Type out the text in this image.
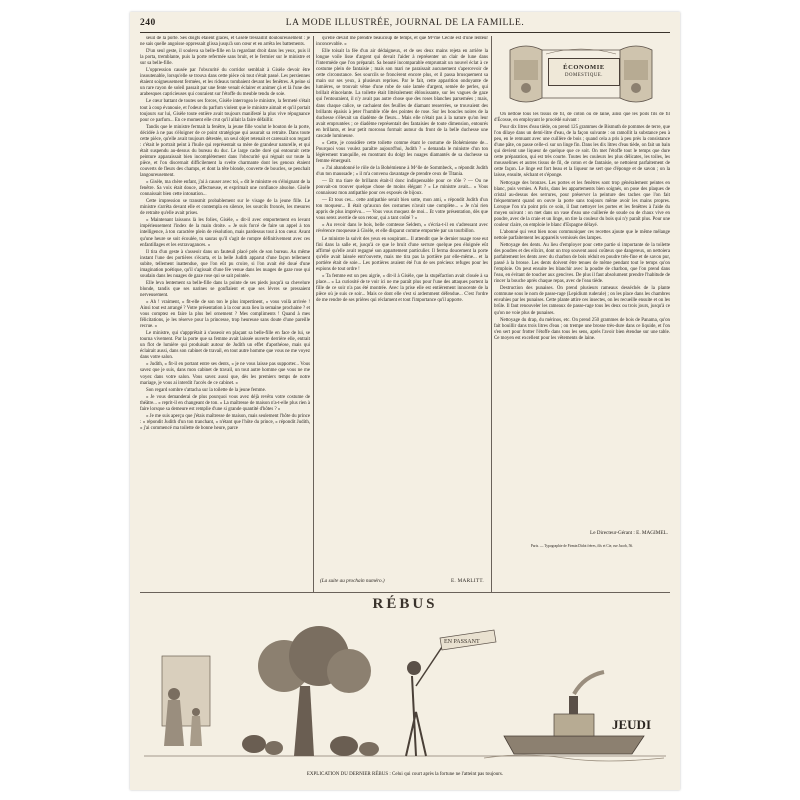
240	LA MODE ILLUSTRÉE, JOURNAL DE LA FAMILLE.

seuil de la porte. Ses doigts étaient glacés, et Gisèle tressaillit douloureusement : je ne sais quelle angoisse oppressait glissa jusqu'à son cœur et en arrêta les battements.

D'un seul geste, il souleva sa belle-fille en la regardant droit dans les yeux, puis il la porta, tremblante, puis la porte refermée sans bruit, et le fermier sur le ministre et sur sa belle-fille.

L'oppression causée par l'obscurité du corridor semblait à Gisèle devoir être insoutenable, lorsqu'elle se trouva dans cette pièce où tout s'était passé. Les persiennes étaient soigneusement fermées, et les rideaux tombaient devant les fenêtres. A peine si un rare rayon de soleil passait par une fente venait éclairer et animer çà et là l'une des arabesques capricieuses qui couraient sur l'étoffe du meuble tendu de soie.

Le cœur battant de toutes ses forces, Gisèle interrogea le ministre, la fermeté s'était tout à coup évanouie, et l'odeur du parfum violent que le ministre aimait et qu'il portait toujours sur lui, Gisèle toute entière avait toujours manifesté la plus vive répugnance pour ce parfum... En ce moment elle crut qu'il allait la faire défaillir.

Tandis que le ministre fermait la fenêtre, la jeune fille voulut le bouton de la porte, décidée à ne pas s'éloigner de ce point stratégique qui assurait sa retraite. Dans toute cette pièce, qu'elle avait toujours détestée, un seul objet retenait et caressait son regard : c'était le portrait peint à l'huile qui représentait sa mère de grandeur naturelle, et qui était suspendu au-dessus du bureau du duc. Le large cadre doré qui entourait cette peinture apparaissait bien incomplètement dans l'obscurité qui régnait sur toute la pièce, et l'on discernait difficilement la svelte charmante dont les genoux étaient couverts de fleurs des champs, et dont la tête blonde, couverte de boucles, se penchait langoureusement.

« Gisèle, ma chère enfant, j'ai à causer avec toi, » dit le ministre en s'éloignant de la fenêtre. Sa voix était douce, affectueuse, et exprimait une confiance absolue. Gisèle connaissait bien cette intonation...

Cette impression se transmit probablement sur le visage de la jeune fille. Le ministre s'arrêta devant elle et contempla en silence, les sourcils froncés, les mesures de retraite qu'elle avait prises.

« Maintenant laissons là les folies, Gisèle, » dit-il avec emportement en levant impérieusement l'index de la main droite. « Je suis forcé de faire un appel à ton intelligence, à ton caractère plein de résolution, mais pardessus tout à ton cœur. Avant qu'une heure se soit écoulée, tu sauras qu'il s'agit de rompre définitivement avec ces enfantillages et les extravagances. »

Il tira d'un geste à s'asseoir dans un fauteuil placé près de son bureau. Au même instant l'une des portières s'écarta, et la belle Judith apparut d'une façon tellement subite, tellement inattendue, que l'on eût pu croire, si l'on avait été doué d'une imagination poétique, qu'il s'agissait d'une fée venue dans les nuages de gaze rose qui soudain dans les nuages de gaze rose qui se sait pointée.

Elle leva lentement sa belle-fille dans la pointe de ses pieds jusqu'à sa chevelure blonde, tandis que ses narines se gonflaient et que ses lèvres se pressaient nerveusement.

« Ah ! vraiment, » fit-elle de son ton le plus impertinent, « vous voilà arrivée ! Ainsi tout est arrangé ? Votre présentation à la cour aura lieu la semaine prochaine ? et vous comptez en faire la plus bel ornement ? Mes compliments ! Quand à mes félicitations, je les réserve pour la princesse, trop heureuse sans doute d'une pareille recrue. »

Le ministre, qui s'appprêtait à s'asseoir en plaçant sa belle-fille en face de lui, se tourna vivement. Par la porte que sa femme avait laissée ouverte derrière elle, entrait un flot de lumière qui produisait autour de Judith un effet d'apothéose, mais qui éclairait aussi, dans son cabinet de travail, en tout autre homme que vous ne me voyez dans votre salon.

« Judith, » fit-il en portant entre ses dents, « je ne vous laisse pas supporter... Vous savez que je suis, dans mon cabinet de travail, un tout autre homme que vous ne me voyez dans votre salon. Vous savez aussi que, dès les premiers temps de notre mariage, je vous ai interdit l'accès de ce cabinet. »

Son regard sombre s'attacha sur la toilette de la jeune femme.

« Je vous demanderai de plus pourquoi vous avez déjà revêtu votre costume de théâtre... » reprit-il en changeant de ton. « La maîtresse de maison n'a-t-elle plus rien à faire lorsque sa demeure est remplie d'une si grande quantité d'hôtes ? »

« Je me suis aperçu que j'étais maîtresse de maison, mais seulement l'hôte du prince : » répondit Judith d'un ton tranchant, « n'étant que l'hôte du prince, » répondit Judith, « j'ai commencé ma toilette de bonne heure, parce

qu'elle devait me prendre beaucoup de temps, et que M^me Cécile est d'une lenteur inconcevable. »

Elle toisait la fée d'un air dédaigneux, et de ses deux mains rejeta en arrière la longue voile lisse d'argent qui devait l'aider à représenter un clair de lune dans l'intermède que l'on préparait. Sa beauté incomparable empruntait un nouvel éclat à ce costume plein de fantaisie ; mais son mari ne paraissait aucunement s'apercevoir de cette circonstance. Ses sourcils se froncèrent encore plus, et il passa brusquement sa main sur ses yeux, à plusieurs reprises. Par le fait, cette apparition ondoyante de lumières, se trouvait vêtue d'une robe de soie lamée d'argent, semée de perles, qui brillait étincelante. La toilette était littéralement éblouissante, sur les vagues de gaze qui l'entouraient, il n'y avait pas autre chose que des roses blanches parsemées ; mais, dans chaque calice, se cachaient des feuilles de diamant resserrées, se trouvaient des brillants épaisis à jeter l'humble rôle des pointes de rose. Sur les boucles noires de la duchesse s'élevait un diadème de fleurs... Mais elle n'était pas à la nature qu'on leur avait empruntées ; ce diadème représentait des fantaisies de toute dimension, entourés en brillants, et leur petit morceau formait autour du front de la belle duchesse une cascade lumineuse.

« Cette, je considère cette toilette comme étant le costume de Bohémienne de... Pourquoi vous voulez paraître aujourd'hui, Judith ? » demanda le ministre d'un ton légèrement tranquille, en montrant du doigt les nuages diamantés de sa duchesse sa femme émergeait.

« J'ai abandonné le rôle de la Bohémienne à M^lle de Sommbeck, » répondit Judith d'un ton maussade ; « il m'a convenu davantage de prendre ceux de Titania.

— Et ma tiare de brillants était-il donc indispensable pour ce rôle ? — Ou ne pouvait-on trouver quelque chose de moins élégant ? » Le ministre avait... « Vous connaissez mon antipathie pour ces exposés de bijoux.

— Et tous ces... cette antipathie serait bien sotte, mon ami, » répondit Judith d'un ton moqueur... Il était qu'aucun des costumes n'avait une complète... « Je n'ai rien appris de plus imprévu... — Vous vous moquez de moi... Et votre présentation, dès que vous serez avertie de son retour, qui a tant coûté ? »

« Au revoir dans le bois, belle comtesse Seldem, » s'écria-t-il en s'adressant avec révérence moqueuse à Gisèle, et elle disparut comme emportée par un tourbillon.

Le ministre la suivit des yeux en soupirant... Il attendit que le dernier nuage rose eut fini dans la salle et, jusqu'à ce que le bruit d'une serrure quelque peu éloignée eût affirmé qu'elle avait regagné son appartement particulier. Il ferma doucement la porte qu'elle avait laissée entr'ouverte, mais me tira pas la portière par elle-même... et la portière était de soie... Les portières avaient été l'un de ses précieux refuges pour les espions de tout ordre !

« Ta femme est un peu aigrie, » dit-il à Gisèle, que la stupéfaction avait clouée à sa place... « La curiosité de te voir ici ne me paraît plus pour l'une des attaques portent la fille de ce soir n'a pas été montrée. Avec la prise elle est entièrement innocente de la pièce où je suis ce soir... Mais ce dont elle s'est si ardemment défendue... C'est l'ordre de me rendre de ses prières qui réclament et tout l'importance qu'il apporte.

(La suite au prochain numéro.)	E. MARLITT.
ÉCONOMIE
DOMESTIQUE.

On nettoie tous les tissus de fil, de coton ou de laine, ainsi que les poils fils de fil d'Écosse, en employant le procédé suivant :

Pour dix litres d'eau tiède, on prend 125 grammes de Bismuth de pommes de terre, que l'on dilaye dans un demi-litre d'eau, de la façon suivante : on ramollit la substance peu à peu, en le remuant avec une cuillère de bois ; quand cela a pris à peu près la consistance d'une pâte, on passe celle-ci sur un linge fin. Dans les dix litres d'eau tiède, on fait un bain qui devient une liqueur de quelque que ce soit. On met l'étoffe tout le temps que dure cette préparation, qui est très courte. Toutes les couleurs les plus délicates, les toiles, les mousselines et autres tissus de fil, de coton et de fantaisie, se nettoient parfaitement de cette façon. Le linge est fort beau et la liqueur ne sert que d'éponge et de savon ; on la laisse, ensuite, séchant et s'éponge.

Nettoyage des bronzes. Les portes et les fenêtres sont trop généralement peintes en blanc, puis vernies. A Paris, dans les appartements bien soignés, on pose des plaques de cristal au-dessus des serrures, pour préserver la peinture des taches que l'on fait fréquemment quand on ouvre la porte sans toujours même avoir les mains propres. Lorsque l'on n'a point pris ce soin, il faut nettoyer les portes et les fenêtres à l'aide du moyen suivant : on met dans un vase d'eau une cuillerée de soude ou de chaux vive en poudre, avec de la craie et un linge, on tire la couleur du bois qui n'y paraît plus. Pour une couleur claire, on emploie le blanc d'Espagne délayé.

L'abonné qui veut bien nous communiquer ces recettes ajoute que le même mélange nettoie parfaitement les appareils vernissés des lampes.

Nettoyage des dents. Au lieu d'employer pour cette partie si importante de la toilette des poudres et des elixirs, dont un trop souvent aussi coûteux que dangereux, on nettoiera parfaitement les dents avec du charbon de bois réduit en poudre très-fine et de savon pur, passé à la brosse. Les dents doivent être tenues de même pendant tout le temps qu'on l'emploie. On peut ensuite les blanchir avec la poudre de charbon, que l'on prend dans l'eau, en évitant de toucher aux gencives. De plus il faut absolument prendre l'habitude de rincer la bouche après chaque repas, avec de l'eau tiède.

Destruction des punaises. On prend plusieurs rameaux desséchés de la plante commune sous le nom de passe-rage (Lepidium ruderale) ; on les place dans les chambres envahies par les punaises. Cette plante attire ces insectes, on les recueille ensuite et on les brûle. Il faut renouveler les rameaux de passe-rage tous les deux ou trois jours, jusqu'à ce qu'on ne voie plus de punaises.

Nettoyage du drap, du mérinos, etc. On prend 250 grammes de bois de Panama, qu'on fait bouillir dans trois litres d'eau ; on trempe une brosse très-dure dans ce liquide, et l'on s'en sert pour frotter l'étoffe dans tous les sens, après l'avoir bien étendue sur une table. Ce moyen est excellent pour les vêtements de laine.

Le Directeur-Gérant : E. MAGIMEL.
Paris. — Typographie de Firmin Didot frères, fils et Cie, rue Jacob, 56.
RÉBUS
EN PASSANT
JEUDI
EXPLICATION DU DERNIER RÉBUS : Celui qui court après la fortune ne l'atteint pas toujours.
